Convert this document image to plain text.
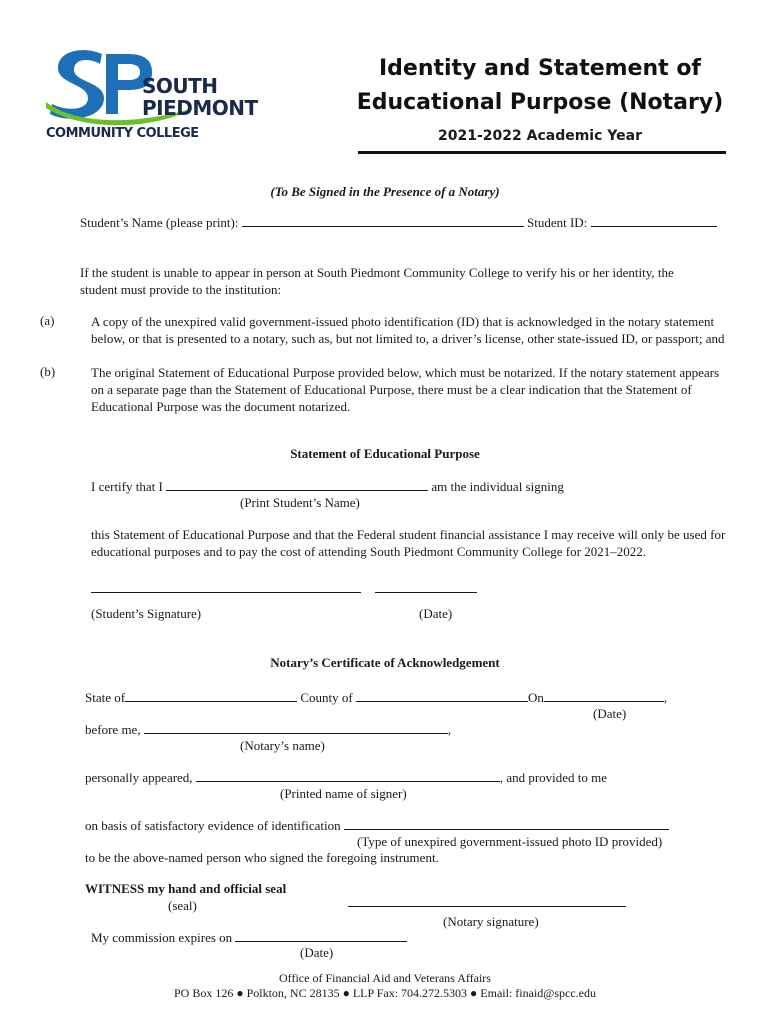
SOUTH
PIEDMONT
COMMUNITY COLLEGE
Identity and Statement of
Educational Purpose (Notary)
2021-2022 Academic Year
(To Be Signed in the Presence of a Notary)
Student’s Name (please print):	Student ID:
If the student is unable to appear in person at South Piedmont Community College to verify his or her identity, the student must provide to the institution:
(a)	A copy of the unexpired valid government-issued photo identification (ID) that is acknowledged in the notary statement below, or that is presented to a notary, such as, but not limited to, a driver’s license, other state-issued ID, or passport; and
(b)	The original Statement of Educational Purpose provided below, which must be notarized. If the notary statement appears on a separate page than the Statement of Educational Purpose, there must be a clear indication that the Statement of Educational Purpose was the document notarized.
Statement of Educational Purpose
I certify that I	am the individual signing
(Print Student’s Name)
this Statement of Educational Purpose and that the Federal student financial assistance I may receive will only be used for educational purposes and to pay the cost of attending South Piedmont Community College for 2021–2022.
(Student’s Signature)	(Date)
Notary’s Certificate of Acknowledgement
State of	County of	On	,
(Date)
before me,	,
(Notary’s name)
personally appeared,	, and provided to me
(Printed name of signer)
on basis of satisfactory evidence of identification
(Type of unexpired government-issued photo ID provided)
to be the above-named person who signed the foregoing instrument.
WITNESS my hand and official seal
(seal)
(Notary signature)
My commission expires on
(Date)
Office of Financial Aid and Veterans Affairs
PO Box 126 ● Polkton, NC 28135 ● LLP Fax: 704.272.5303 ● Email: finaid@spcc.edu
